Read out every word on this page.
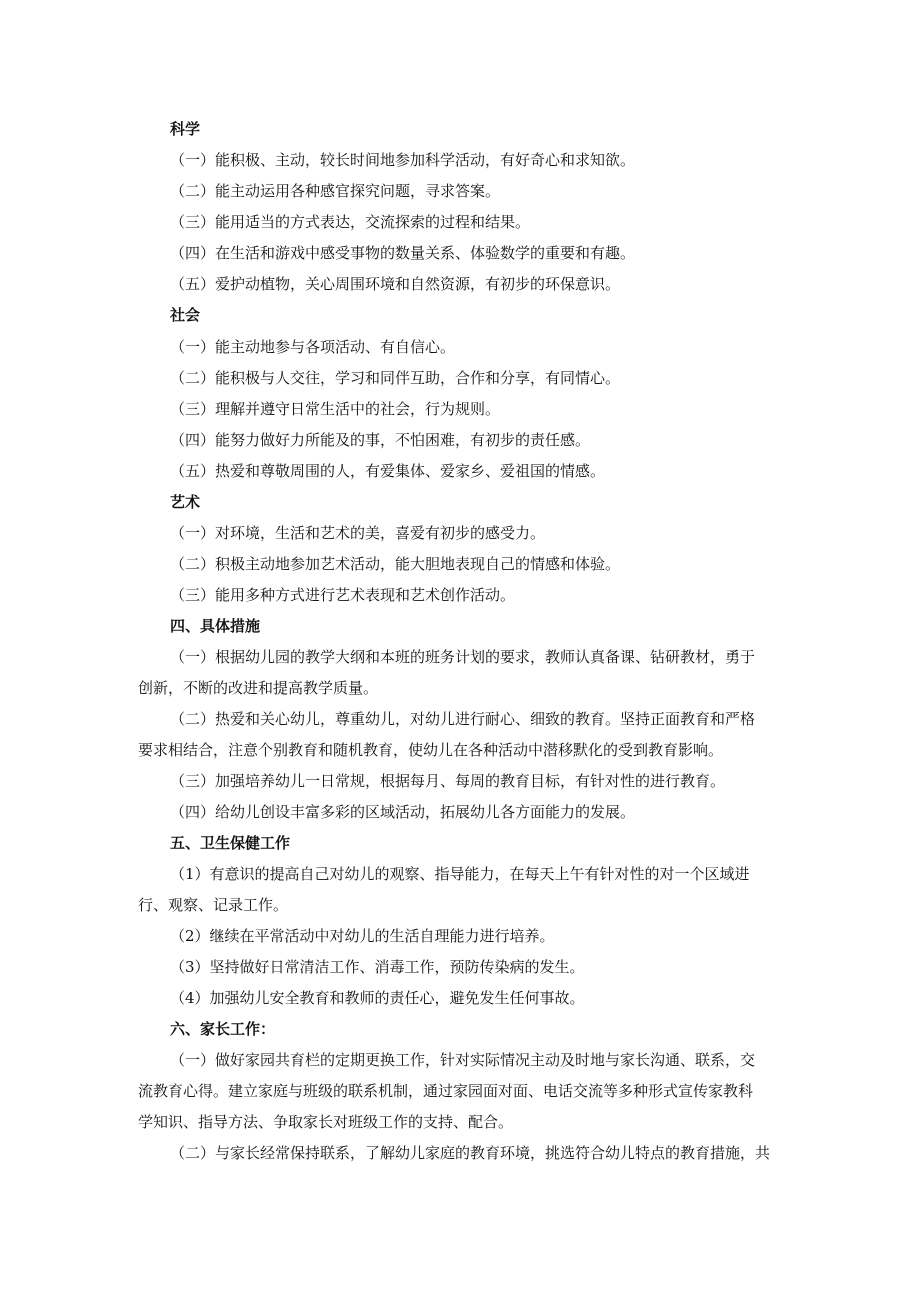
科学
（一）能积极、主动，较长时间地参加科学活动，有好奇心和求知欲。
（二）能主动运用各种感官探究问题，寻求答案。
（三）能用适当的方式表达，交流探索的过程和结果。
（四）在生活和游戏中感受事物的数量关系、体验数学的重要和有趣。
（五）爱护动植物，关心周围环境和自然资源，有初步的环保意识。
社会
（一）能主动地参与各项活动、有自信心。
（二）能积极与人交往，学习和同伴互助，合作和分享，有同情心。
（三）理解并遵守日常生活中的社会，行为规则。
（四）能努力做好力所能及的事，不怕困难，有初步的责任感。
（五）热爱和尊敬周围的人，有爱集体、爱家乡、爱祖国的情感。
艺术
（一）对环境，生活和艺术的美，喜爱有初步的感受力。
（二）积极主动地参加艺术活动，能大胆地表现自己的情感和体验。
（三）能用多种方式进行艺术表现和艺术创作活动。
四、具体措施
（一）根据幼儿园的教学大纲和本班的班务计划的要求，教师认真备课、钻研教材，勇于
创新，不断的改进和提高教学质量。
（二）热爱和关心幼儿，尊重幼儿，对幼儿进行耐心、细致的教育。坚持正面教育和严格
要求相结合，注意个别教育和随机教育，使幼儿在各种活动中潜移默化的受到教育影响。
（三）加强培养幼儿一日常规，根据每月、每周的教育目标，有针对性的进行教育。
（四）给幼儿创设丰富多彩的区域活动，拓展幼儿各方面能力的发展。
五、卫生保健工作
（1）有意识的提高自己对幼儿的观察、指导能力，在每天上午有针对性的对一个区域进
行、观察、记录工作。
（2）继续在平常活动中对幼儿的生活自理能力进行培养。
（3）坚持做好日常清洁工作、消毒工作，预防传染病的发生。
（4）加强幼儿安全教育和教师的责任心，避免发生任何事故。
六、家长工作：
（一）做好家园共育栏的定期更换工作，针对实际情况主动及时地与家长沟通、联系，交
流教育心得。建立家庭与班级的联系机制，通过家园面对面、电话交流等多种形式宣传家教科
学知识、指导方法、争取家长对班级工作的支持、配合。
（二）与家长经常保持联系，了解幼儿家庭的教育环境，挑选符合幼儿特点的教育措施，共
